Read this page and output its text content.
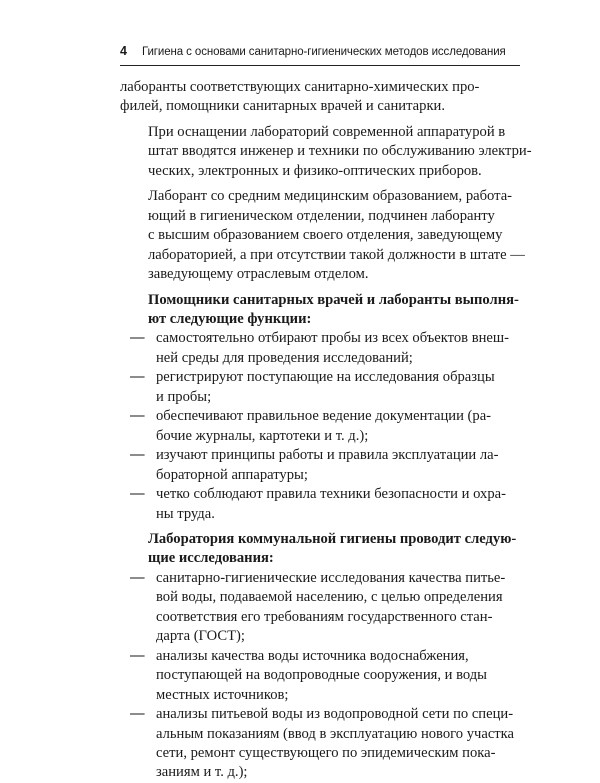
4	Гигиена с основами санитарно-гигиенических методов исследования

лаборанты соответствующих санитарно-химических про-
филей, помощники санитарных врачей и санитарки.

При оснащении лабораторий современной аппаратурой в
штат вводятся инженер и техники по обслуживанию электри-
ческих, электронных и физико-оптических приборов.

Лаборант со средним медицинским образованием, работа-
ющий в гигиеническом отделении, подчинен лаборанту
с высшим образованием своего отделения, заведующему
лабораторией, а при отсутствии такой должности в штате —
заведующему отраслевым отделом.

Помощники санитарных врачей и лаборанты выполня-
ют следующие функции:

— самостоятельно отбирают пробы из всех объектов внеш-
ней среды для проведения исследований;
— регистрируют поступающие на исследования образцы
и пробы;
— обеспечивают правильное ведение документации (ра-
бочие журналы, картотеки и т. д.);
— изучают принципы работы и правила эксплуатации ла-
бораторной аппаратуры;
— четко соблюдают правила техники безопасности и охра-
ны труда.

Лаборатория коммунальной гигиены проводит следую-
щие исследования:

— санитарно-гигиенические исследования качества питье-
вой воды, подаваемой населению, с целью определения
соответствия его требованиям государственного стан-
дарта (ГОСТ);
— анализы качества воды источника водоснабжения,
поступающей на водопроводные сооружения, и воды
местных источников;
— анализы питьевой воды из водопроводной сети по специ-
альным показаниям (ввод в эксплуатацию нового участка
сети, ремонт существующего по эпидемическим пока-
заниям и т. д.);
